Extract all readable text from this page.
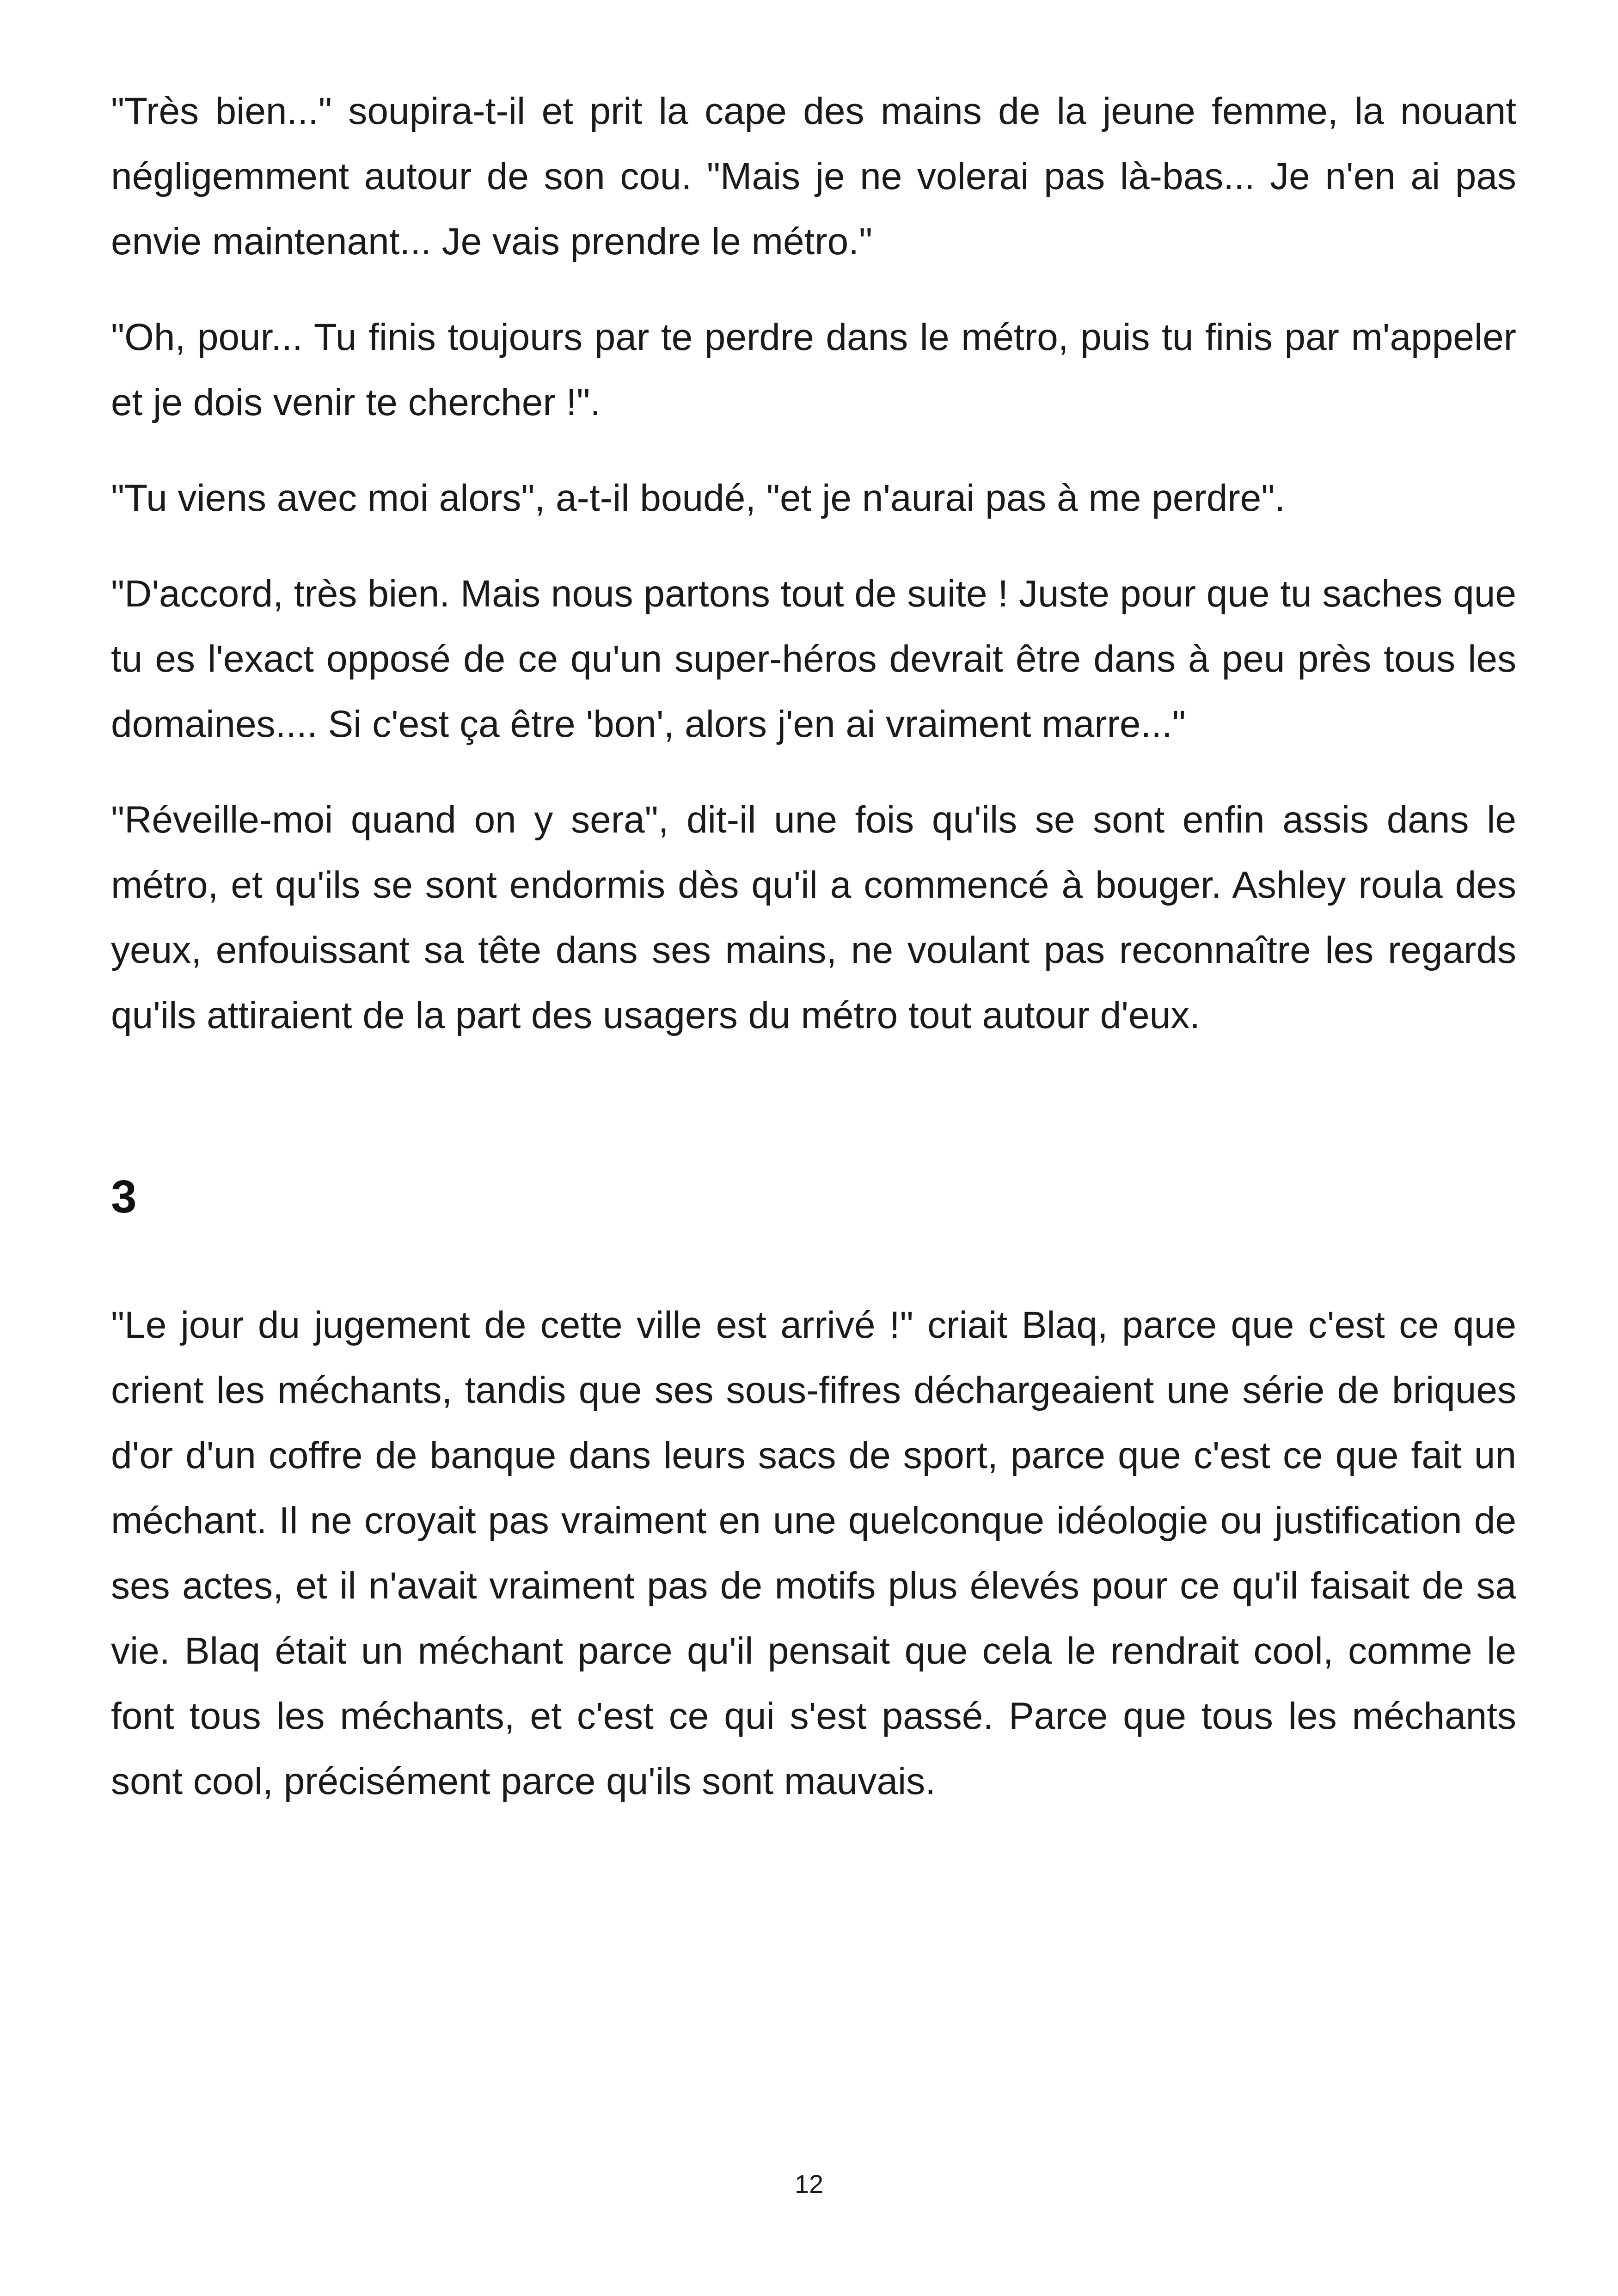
"Très bien..." soupira-t-il et prit la cape des mains de la jeune femme, la nouant négligemment autour de son cou. "Mais je ne volerai pas là-bas... Je n'en ai pas envie maintenant... Je vais prendre le métro."

"Oh, pour... Tu finis toujours par te perdre dans le métro, puis tu finis par m'appeler et je dois venir te chercher !".

"Tu viens avec moi alors", a-t-il boudé, "et je n'aurai pas à me perdre".

"D'accord, très bien. Mais nous partons tout de suite ! Juste pour que tu saches que tu es l'exact opposé de ce qu'un super-héros devrait être dans à peu près tous les domaines.... Si c'est ça être 'bon', alors j'en ai vraiment marre..."

"Réveille-moi quand on y sera", dit-il une fois qu'ils se sont enfin assis dans le métro, et qu'ils se sont endormis dès qu'il a commencé à bouger. Ashley roula des yeux, enfouissant sa tête dans ses mains, ne voulant pas reconnaître les regards qu'ils attiraient de la part des usagers du métro tout autour d'eux.

3

"Le jour du jugement de cette ville est arrivé !" criait Blaq, parce que c'est ce que crient les méchants, tandis que ses sous-fifres déchargeaient une série de briques d'or d'un coffre de banque dans leurs sacs de sport, parce que c'est ce que fait un méchant. Il ne croyait pas vraiment en une quelconque idéologie ou justification de ses actes, et il n'avait vraiment pas de motifs plus élevés pour ce qu'il faisait de sa vie. Blaq était un méchant parce qu'il pensait que cela le rendrait cool, comme le font tous les méchants, et c'est ce qui s'est passé. Parce que tous les méchants sont cool, précisément parce qu'ils sont mauvais.

12
